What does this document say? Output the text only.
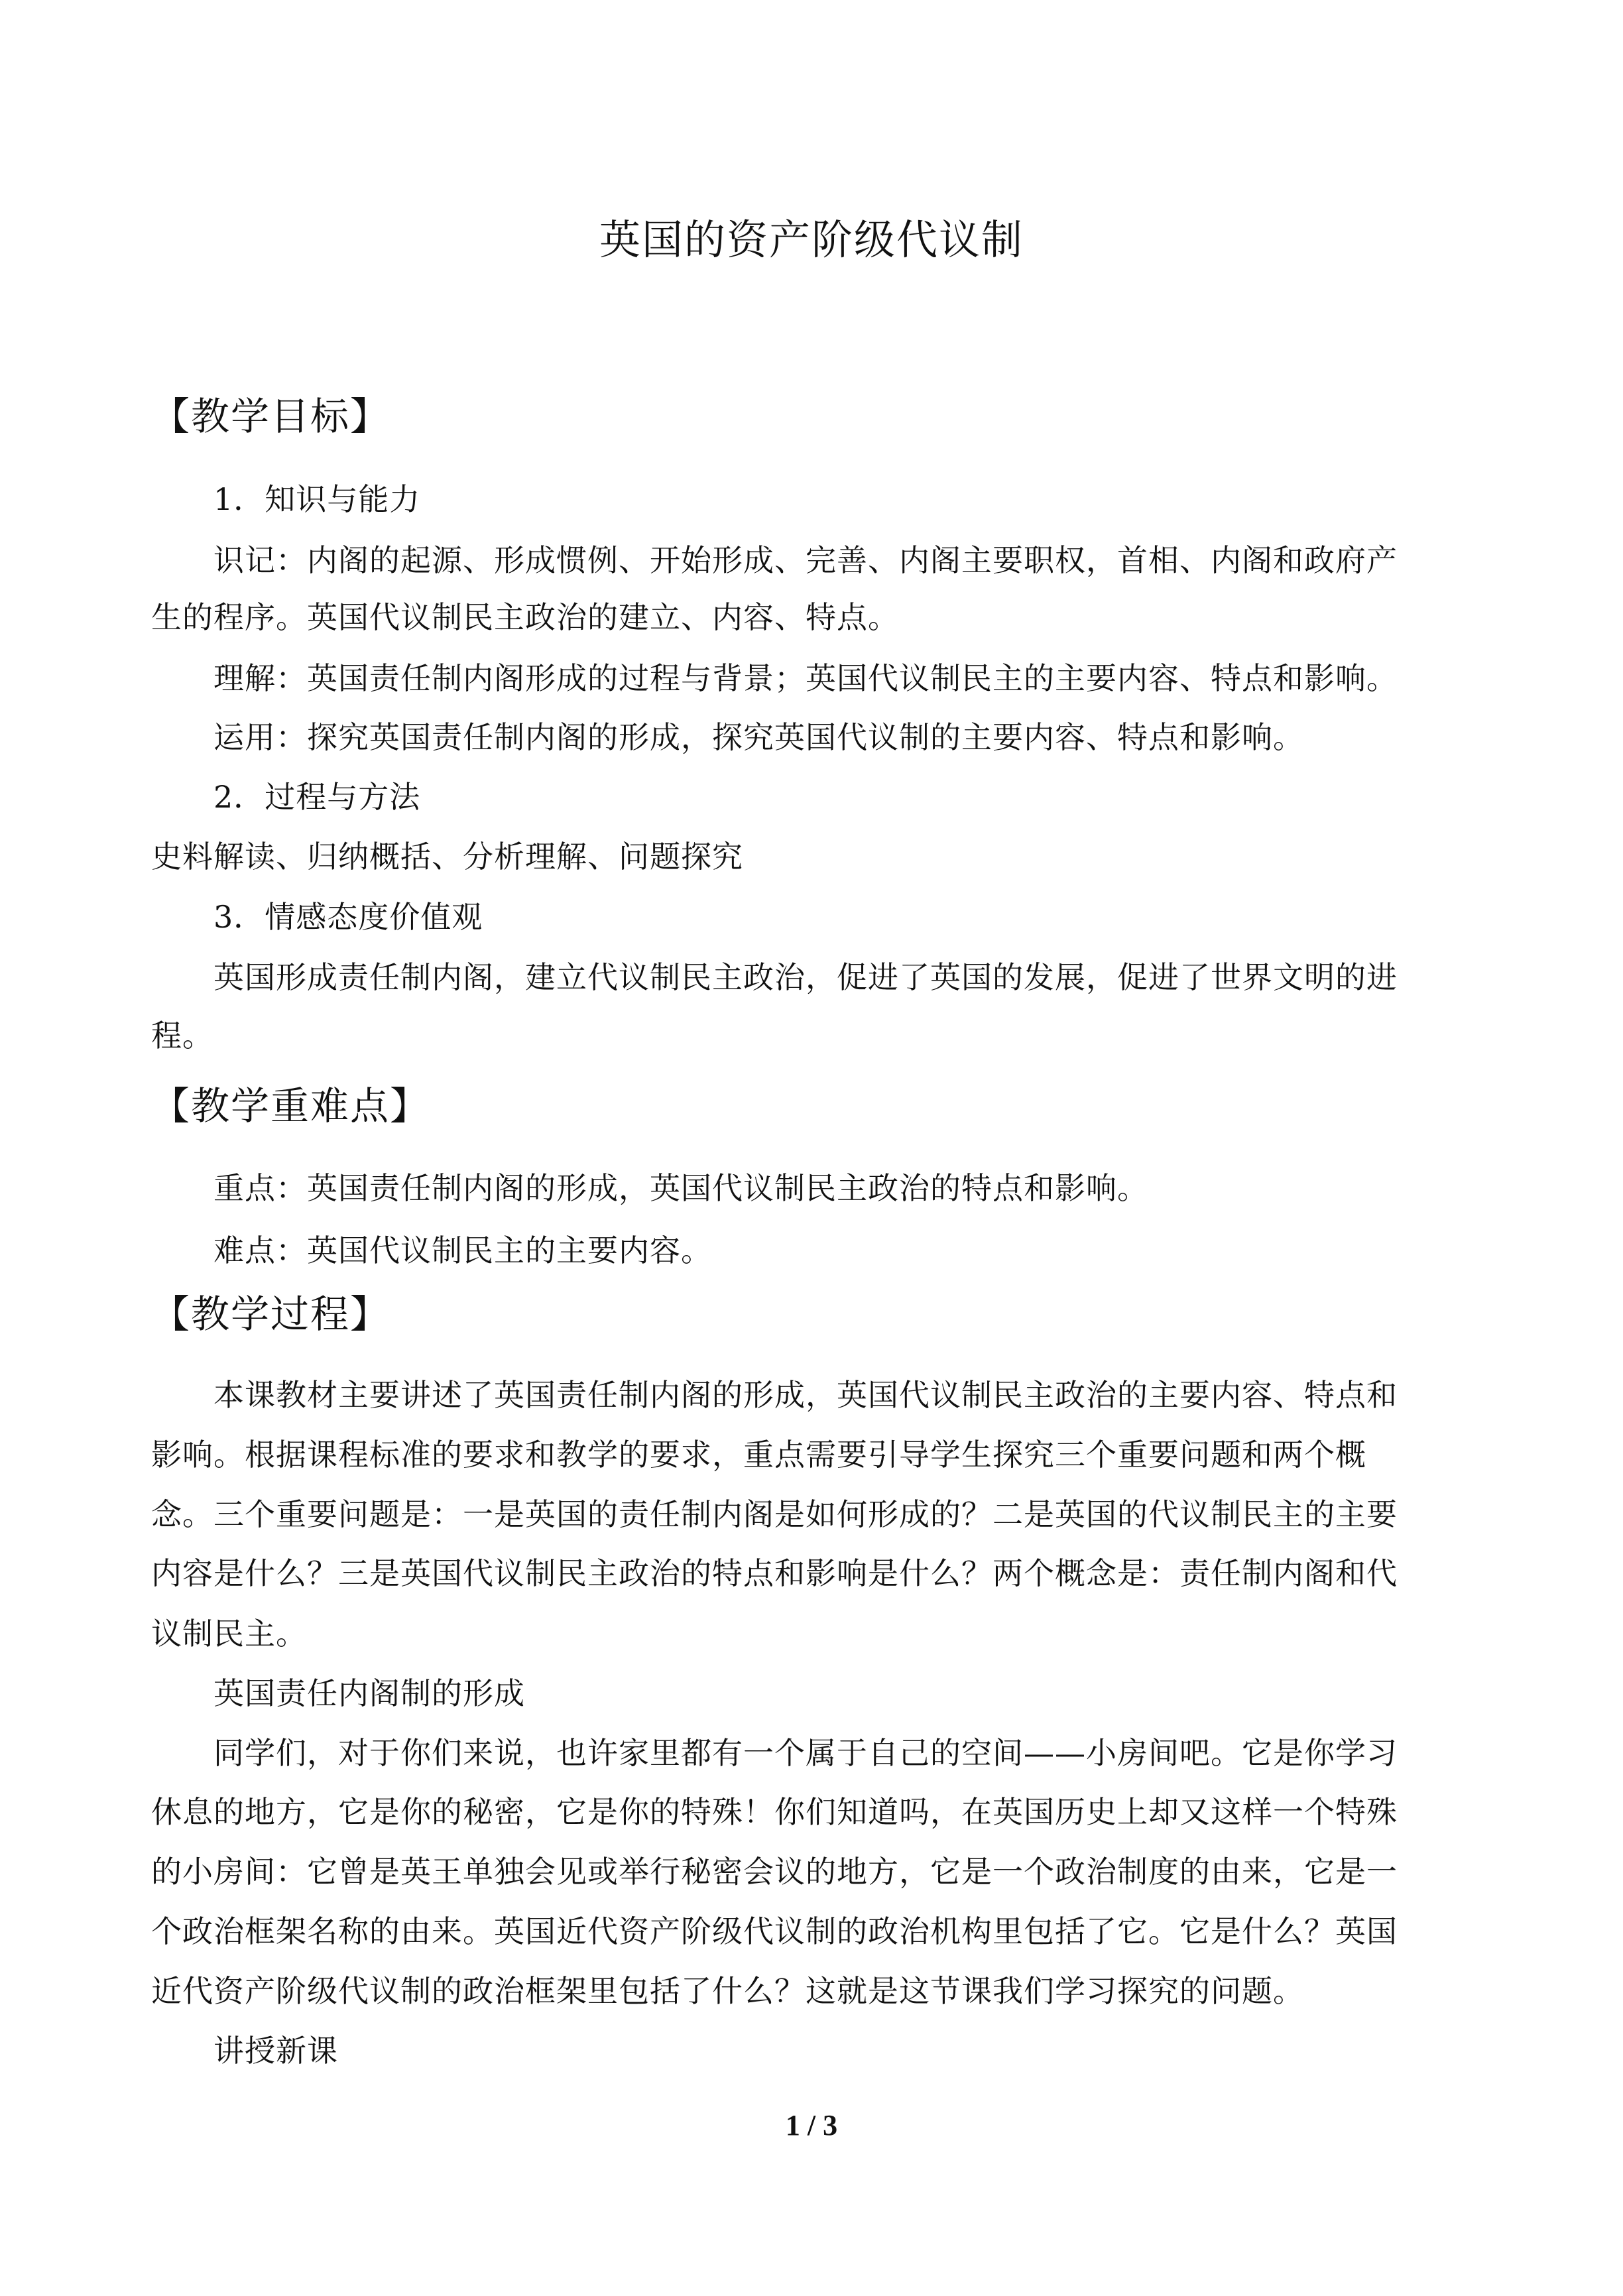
英国的资产阶级代议制
【教学目标】
1．知识与能力
识记：内阁的起源、形成惯例、开始形成、完善、内阁主要职权，首相、内阁和政府产
生的程序。英国代议制民主政治的建立、内容、特点。
理解：英国责任制内阁形成的过程与背景；英国代议制民主的主要内容、特点和影响。
运用：探究英国责任制内阁的形成，探究英国代议制的主要内容、特点和影响。
2．过程与方法
史料解读、归纳概括、分析理解、问题探究
3．情感态度价值观
英国形成责任制内阁，建立代议制民主政治，促进了英国的发展，促进了世界文明的进
程。
【教学重难点】
重点：英国责任制内阁的形成，英国代议制民主政治的特点和影响。
难点：英国代议制民主的主要内容。
【教学过程】
本课教材主要讲述了英国责任制内阁的形成，英国代议制民主政治的主要内容、特点和
影响。根据课程标准的要求和教学的要求，重点需要引导学生探究三个重要问题和两个概
念。三个重要问题是：一是英国的责任制内阁是如何形成的？二是英国的代议制民主的主要
内容是什么？三是英国代议制民主政治的特点和影响是什么？两个概念是：责任制内阁和代
议制民主。
英国责任内阁制的形成
同学们，对于你们来说，也许家里都有一个属于自己的空间——小房间吧。它是你学习
休息的地方，它是你的秘密，它是你的特殊！你们知道吗，在英国历史上却又这样一个特殊
的小房间：它曾是英王单独会见或举行秘密会议的地方，它是一个政治制度的由来，它是一
个政治框架名称的由来。英国近代资产阶级代议制的政治机构里包括了它。它是什么？英国
近代资产阶级代议制的政治框架里包括了什么？这就是这节课我们学习探究的问题。
讲授新课
1 / 3
